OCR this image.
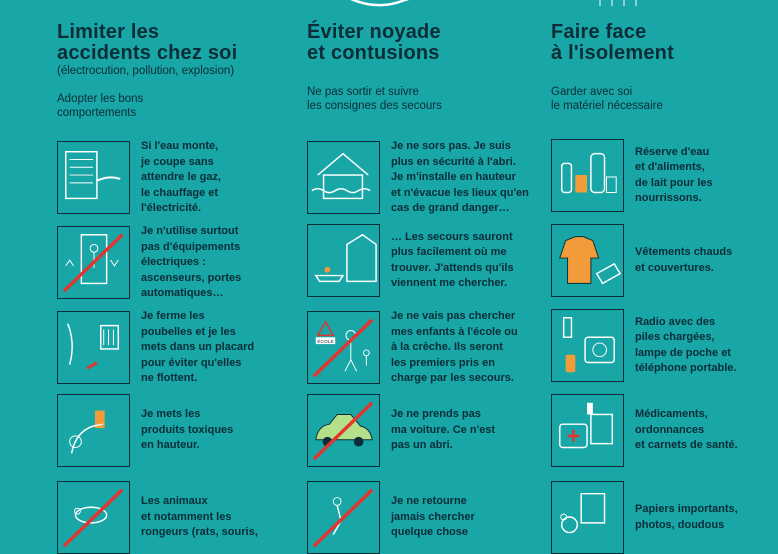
Limiter les
accidents chez soi
(électrocution, pollution, explosion)
Adopter les bons
comportements
Éviter noyade
et contusions
Ne pas sortir et suivre
les consignes des secours
Faire face
à l'isolement
Garder avec soi
le matériel nécessaire
Si l'eau monte,
je coupe sans
attendre le gaz,
le chauffage et
l'électricité.
Je n'utilise surtout
pas d'équipements
électriques :
ascenseurs, portes
automatiques…
Je ferme les
poubelles et je les
mets dans un placard
pour éviter qu'elles
ne flottent.
Je mets les
produits toxiques
en hauteur.
Les animaux
et notamment les
rongeurs (rats, souris,
Je ne sors pas. Je suis
plus en sécurité à l'abri.
Je m'installe en hauteur
et n'évacue les lieux qu'en
cas de grand danger…
… Les secours sauront
plus facilement où me
trouver. J'attends qu'ils
viennent me chercher.
ÉCOLE
Je ne vais pas chercher
mes enfants à l'école ou
à la crèche. Ils seront
les premiers pris en
charge par les secours.
Je ne prends pas
ma voiture. Ce n'est
pas un abri.
Je ne retourne
jamais chercher
quelque chose
Réserve d'eau
et d'aliments,
de lait pour les
nourrissons.
Vêtements chauds
et couvertures.
Radio avec des
piles chargées,
lampe de poche et
téléphone portable.
Médicaments,
ordonnances
et carnets de santé.
Papiers importants,
photos, doudous
